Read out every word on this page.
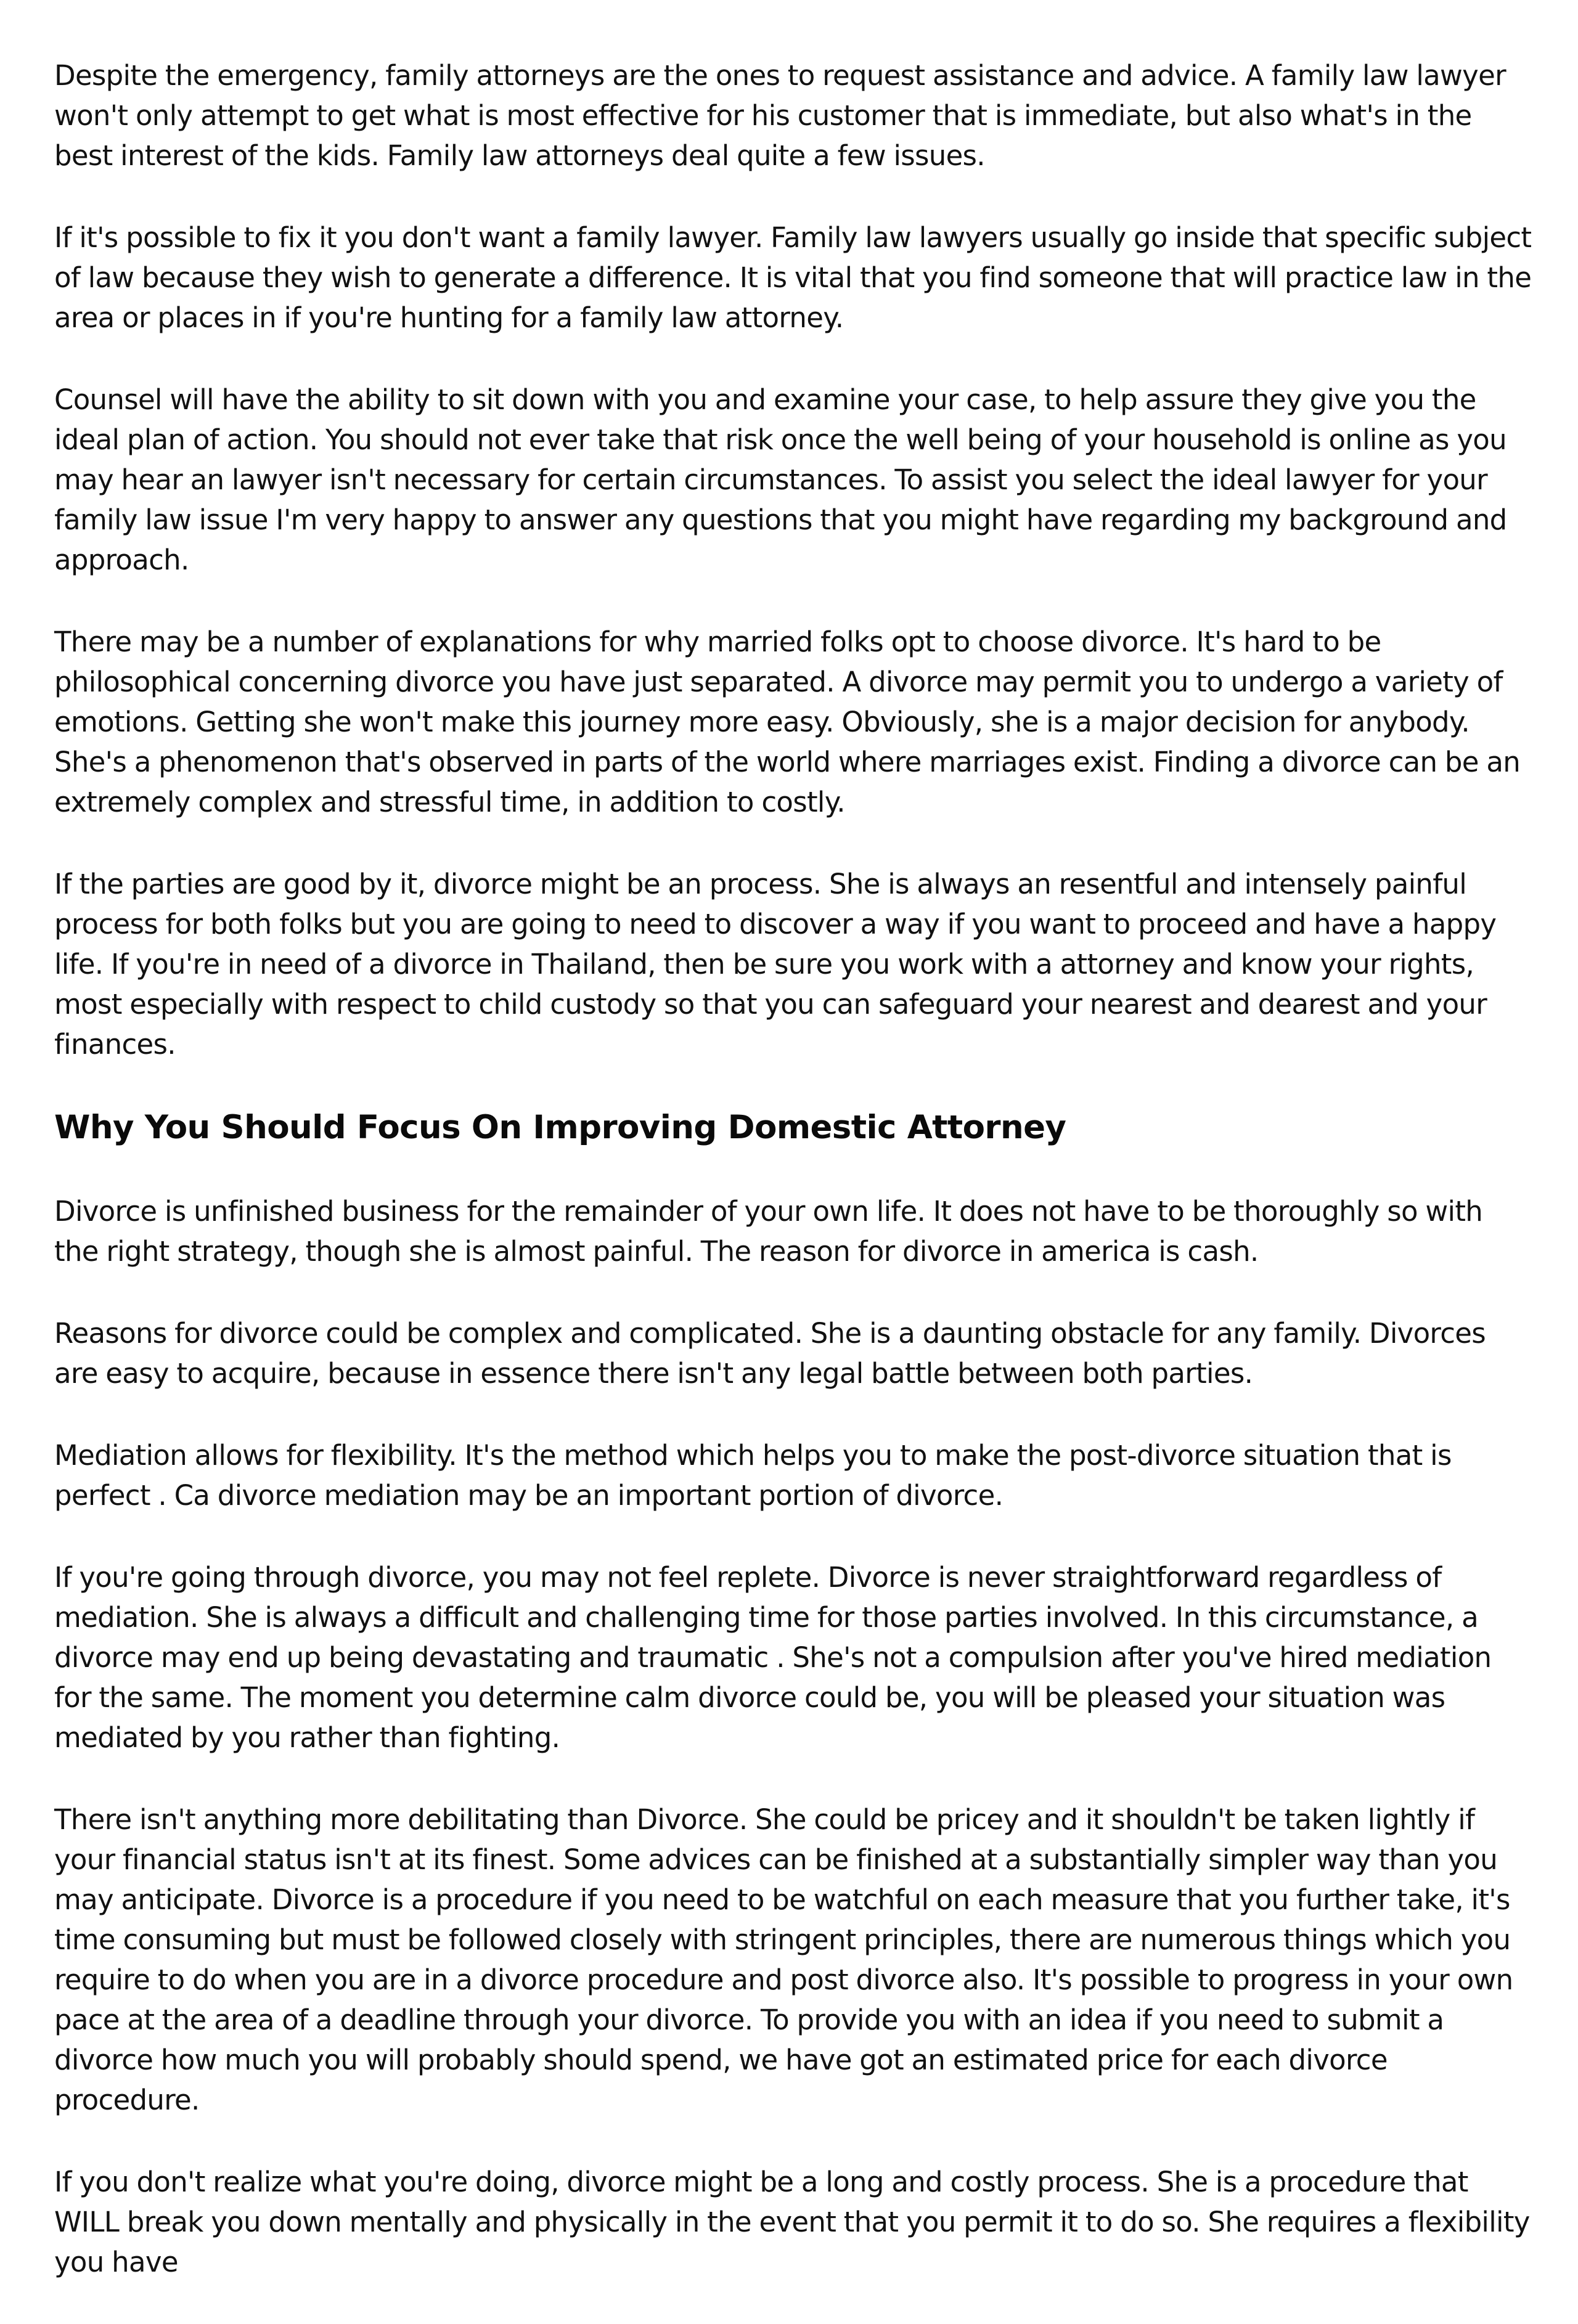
Despite the emergency, family attorneys are the ones to request assistance and advice. A family law lawyer won't only attempt to get what is most effective for his customer that is immediate, but also what's in the best interest of the kids. Family law attorneys deal quite a few issues.

If it's possible to fix it you don't want a family lawyer. Family law lawyers usually go inside that specific subject of law because they wish to generate a difference. It is vital that you find someone that will practice law in the area or places in if you're hunting for a family law attorney.

Counsel will have the ability to sit down with you and examine your case, to help assure they give you the ideal plan of action. You should not ever take that risk once the well being of your household is online as you may hear an lawyer isn't necessary for certain circumstances. To assist you select the ideal lawyer for your family law issue I'm very happy to answer any questions that you might have regarding my background and approach.

There may be a number of explanations for why married folks opt to choose divorce. It's hard to be philosophical concerning divorce you have just separated. A divorce may permit you to undergo a variety of emotions. Getting she won't make this journey more easy. Obviously, she is a major decision for anybody. She's a phenomenon that's observed in parts of the world where marriages exist. Finding a divorce can be an extremely complex and stressful time, in addition to costly.

If the parties are good by it, divorce might be an process. She is always an resentful and intensely painful process for both folks but you are going to need to discover a way if you want to proceed and have a happy life. If you're in need of a divorce in Thailand, then be sure you work with a attorney and know your rights, most especially with respect to child custody so that you can safeguard your nearest and dearest and your finances.

Why You Should Focus On Improving Domestic Attorney

Divorce is unfinished business for the remainder of your own life. It does not have to be thoroughly so with the right strategy, though she is almost painful. The reason for divorce in america is cash.

Reasons for divorce could be complex and complicated. She is a daunting obstacle for any family. Divorces are easy to acquire, because in essence there isn't any legal battle between both parties.

Mediation allows for flexibility. It's the method which helps you to make the post-divorce situation that is perfect . Ca divorce mediation may be an important portion of divorce.

If you're going through divorce, you may not feel replete. Divorce is never straightforward regardless of mediation. She is always a difficult and challenging time for those parties involved. In this circumstance, a divorce may end up being devastating and traumatic . She's not a compulsion after you've hired mediation for the same. The moment you determine calm divorce could be, you will be pleased your situation was mediated by you rather than fighting.

There isn't anything more debilitating than Divorce. She could be pricey and it shouldn't be taken lightly if your financial status isn't at its finest. Some advices can be finished at a substantially simpler way than you may anticipate. Divorce is a procedure if you need to be watchful on each measure that you further take, it's time consuming but must be followed closely with stringent principles, there are numerous things which you require to do when you are in a divorce procedure and post divorce also. It's possible to progress in your own pace at the area of a deadline through your divorce. To provide you with an idea if you need to submit a divorce how much you will probably should spend, we have got an estimated price for each divorce procedure.

If you don't realize what you're doing, divorce might be a long and costly process. She is a procedure that WILL break you down mentally and physically in the event that you permit it to do so. She requires a flexibility you have
